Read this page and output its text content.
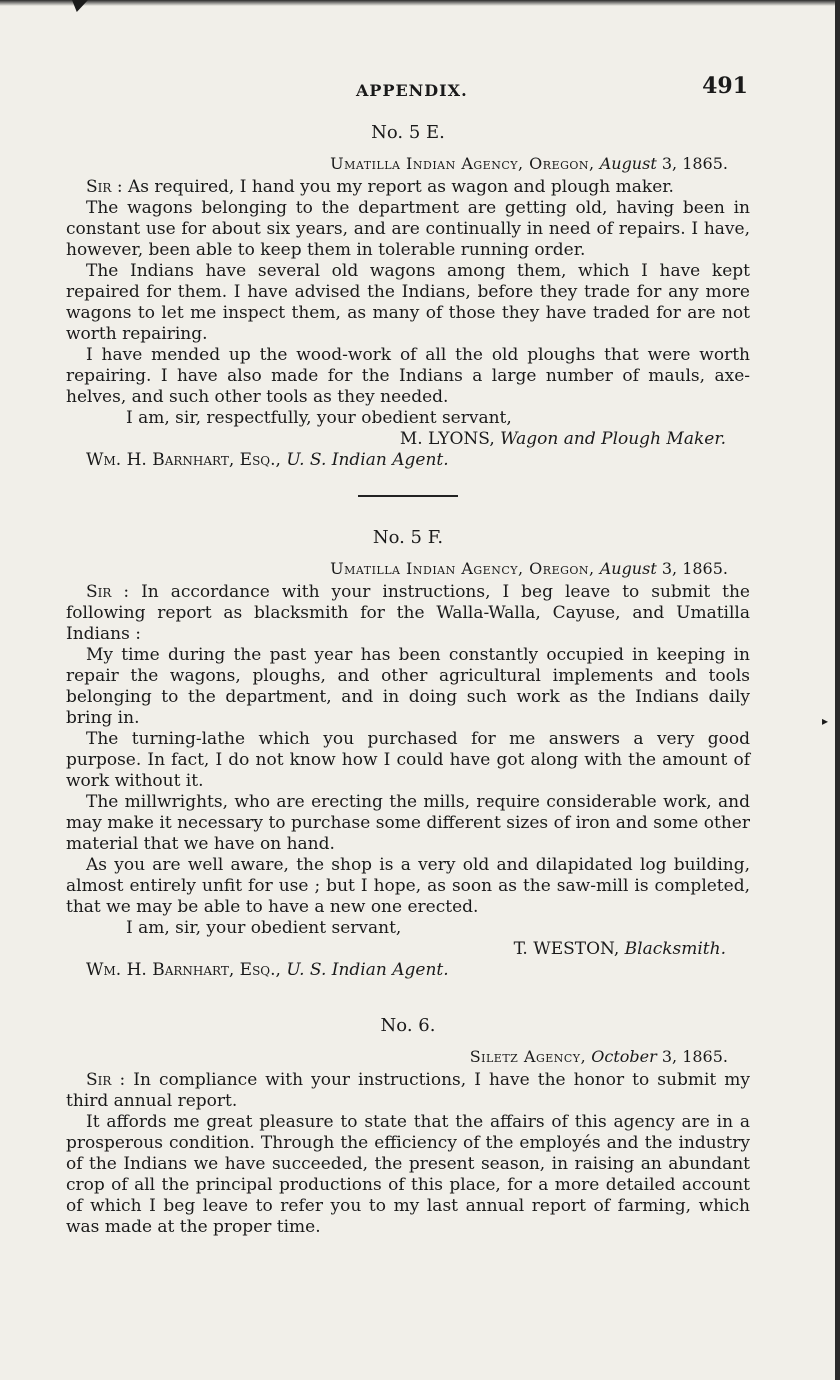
▸
APPENDIX.	491
No. 5 E.
Umatilla Indian Agency, Oregon, August 3, 1865.

Sir : As required, I hand you my report as wagon and plough maker.

The wagons belonging to the department are getting old, having been in constant use for about six years, and are continually in need of repairs. I have, however, been able to keep them in tolerable running order.

The Indians have several old wagons among them, which I have kept repaired for them. I have advised the Indians, before they trade for any more wagons to let me inspect them, as many of those they have traded for are not worth repairing.

I have mended up the wood-work of all the old ploughs that were worth repairing. I have also made for the Indians a large number of mauls, axe-helves, and such other tools as they needed.

I am, sir, respectfully, your obedient servant,

M. LYONS, Wagon and Plough Maker.
Wm. H. Barnhart, Esq., U. S. Indian Agent.
No. 5 F.
Umatilla Indian Agency, Oregon, August 3, 1865.

Sir : In accordance with your instructions, I beg leave to submit the following report as blacksmith for the Walla-Walla, Cayuse, and Umatilla Indians :

My time during the past year has been constantly occupied in keeping in repair the wagons, ploughs, and other agricultural implements and tools belonging to the department, and in doing such work as the Indians daily bring in.

The turning-lathe which you purchased for me answers a very good purpose. In fact, I do not know how I could have got along with the amount of work without it.

The millwrights, who are erecting the mills, require considerable work, and may make it necessary to purchase some different sizes of iron and some other material that we have on hand.

As you are well aware, the shop is a very old and dilapidated log building, almost entirely unfit for use ; but I hope, as soon as the saw-mill is completed, that we may be able to have a new one erected.

I am, sir, your obedient servant,

T. WESTON, Blacksmith.
Wm. H. Barnhart, Esq., U. S. Indian Agent.
No. 6.
Siletz Agency, October 3, 1865.

Sir : In compliance with your instructions, I have the honor to submit my third annual report.

It affords me great pleasure to state that the affairs of this agency are in a prosperous condition. Through the efficiency of the employés and the industry of the Indians we have succeeded, the present season, in raising an abundant crop of all the principal productions of this place, for a more detailed account of which I beg leave to refer you to my last annual report of farming, which was made at the proper time.
